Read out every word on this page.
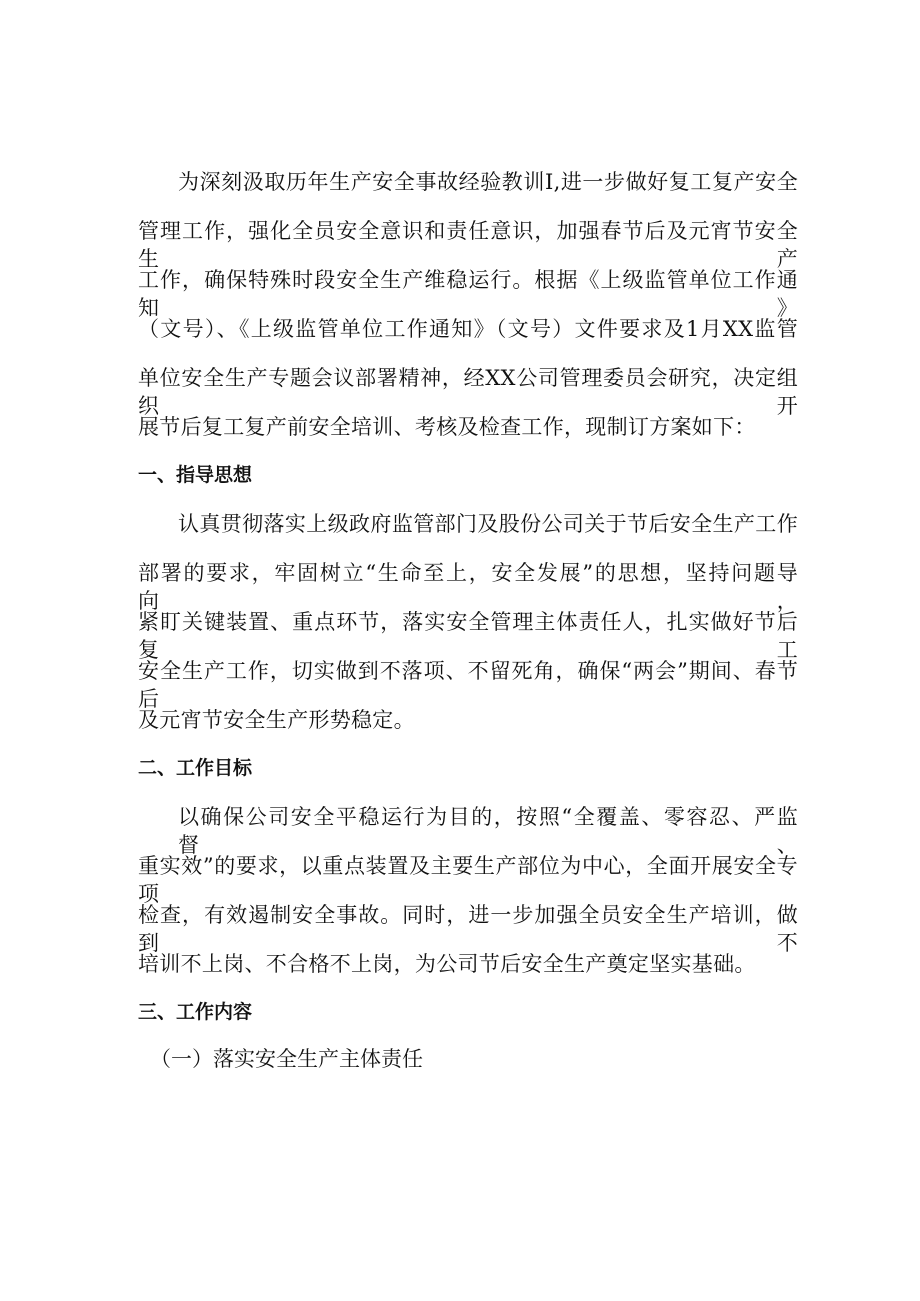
为深刻汲取历年生产安全事故经验教训I,进一步做好复工复产安全
管理工作，强化全员安全意识和责任意识，加强春节后及元宵节安全生产
工作，确保特殊时段安全生产维稳运行。根据《上级监管单位工作通知》
（文号）、《上级监管单位工作通知》（文号）文件要求及1月XX监管
单位安全生产专题会议部署精神，经XX公司管理委员会研究，决定组织开
展节后复工复产前安全培训、考核及检查工作，现制订方案如下：
一、指导思想
认真贯彻落实上级政府监管部门及股份公司关于节后安全生产工作
部署的要求，牢固树立“生命至上，安全发展”的思想，坚持问题导向，
紧盯关键装置、重点环节，落实安全管理主体责任人，扎实做好节后复工
安全生产工作，切实做到不落项、不留死角，确保“两会”期间、春节后
及元宵节安全生产形势稳定。
二、工作目标
以确保公司安全平稳运行为目的，按照“全覆盖、零容忍、严监督、
重实效”的要求，以重点装置及主要生产部位为中心，全面开展安全专项
检查，有效遏制安全事故。同时，进一步加强全员安全生产培训，做到不
培训不上岗、不合格不上岗，为公司节后安全生产奠定坚实基础。
三、工作内容
（一）落实安全生产主体责任
